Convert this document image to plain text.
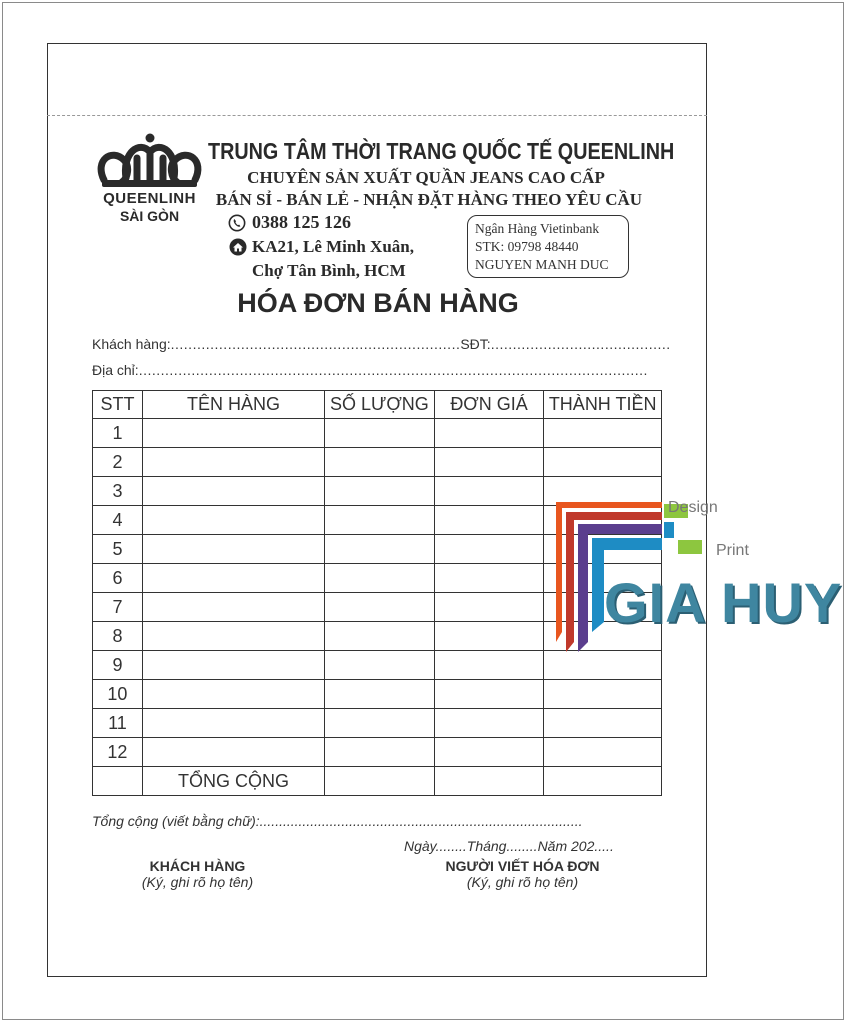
QUEENLINH
SÀI GÒN
TRUNG TÂM THỜI TRANG QUỐC TẾ QUEENLINH
CHUYÊN SẢN XUẤT QUẦN JEANS CAO CẤP
BÁN SỈ - BÁN LẺ - NHẬN ĐẶT HÀNG THEO YÊU CẦU
0388 125 126
KA21, Lê Minh Xuân,
Chợ Tân Bình, HCM
Ngân Hàng Vietinbank
STK: 09798 48440
NGUYEN MANH DUC
HÓA ĐƠN BÁN HÀNG
Khách hàng:..................................................................SĐT:.........................................
Địa chỉ:....................................................................................................................
STT	TÊN HÀNG	SỐ LƯỢNG	ĐƠN GIÁ	THÀNH TIỀN
1				
2				
3				
4				
5				
6				
7				
8				
9				
10				
11				
12				
	TỔNG CỘNG			
Tổng cộng (viết bằng chữ):...................................................................................
Ngày........Tháng........Năm 202.....
KHÁCH HÀNG
(Ký, ghi rõ họ tên)
NGƯỜI VIẾT HÓA ĐƠN
(Ký, ghi rõ họ tên)
Design
Print
GIA HUY
